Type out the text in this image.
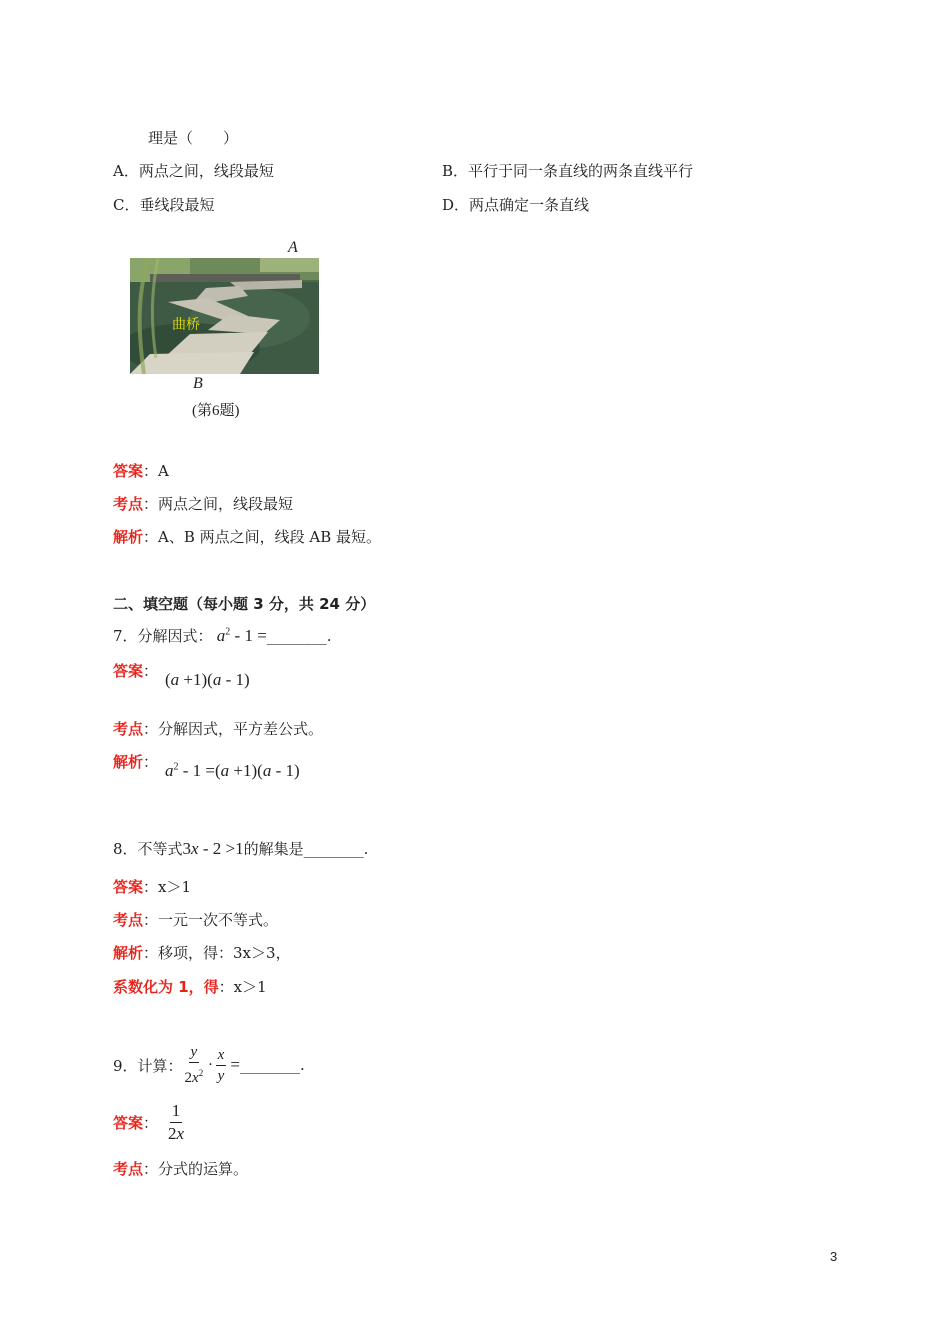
理是（　　）
A．两点之间，线段最短	B．平行于同一条直线的两条直线平行
C．垂线段最短	D．两点确定一条直线
A
曲桥
B
(第6题)
答案：A
考点：两点之间，线段最短
解析：A、B 两点之间，线段 AB 最短。
二、填空题（每小题 3 分，共 24 分）
7．分解因式： $a^2 - 1$ =________.
答案： (a +1)(a - 1)
考点：分解因式，平方差公式。
解析： $a^2 - 1 =(a +1)(a - 1)$
8．不等式3x - 2 >1的解集是________.
答案：x＞1
考点：一元一次不等式。
解析：移项，得：3x＞3，
系数化为 1，得：x＞1
9．计算： $\frac{y}{2x^2} \cdot \frac{x}{y}$ = ________.
答案 ： $\frac{1}{2x}$
考点：分式的运算。
3
